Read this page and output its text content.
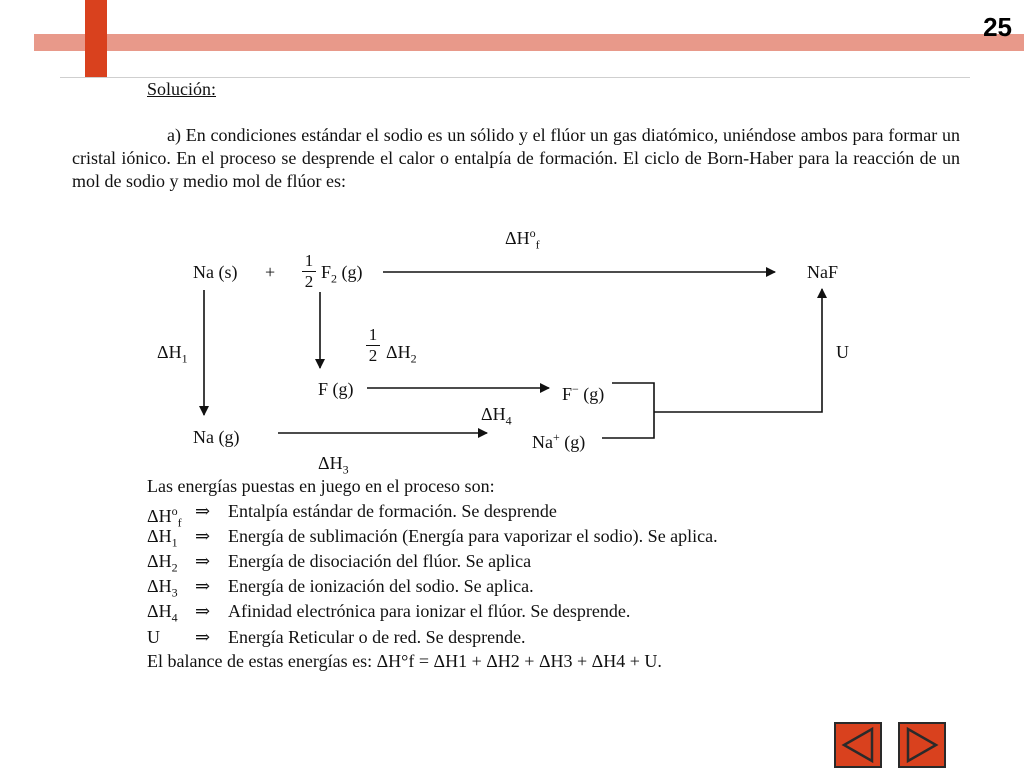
25
Solución:
a) En condiciones estándar el sodio es un sólido y el flúor un gas diatómico, uniéndose ambos para formar un cristal iónico. En el proceso se desprende el calor o entalpía de formación. El ciclo de Born-Haber para la reacción de un mol de sodio y medio mol de flúor es:
$\Delta H^o_f$
Na (s) +
1
2 $F_2$ (g)	NaF
$\Delta H_1$
1
2 $\Delta H_2$	U
F (g)	F− (g)
$\Delta H_4$
Na (g)	Na+ (g)
$\Delta H_3$
Las energías puestas en juego en el proceso son:
$\Delta H^o_f$
⇒ Entalpía estándar de formación. Se desprende
$\Delta H_1$ ⇒ Energía de sublimación (Energía para vaporizar el sodio). Se aplica.
$\Delta H_2$ ⇒ Energía de disociación del flúor. Se aplica
$\Delta H_3$ ⇒ Energía de ionización del sodio. Se aplica.
$\Delta H_4$ ⇒ Afinidad electrónica para ionizar el flúor. Se desprende.
U ⇒ Energía Reticular o de red. Se desprende.
El balance de estas energías es: ΔH°f = ΔH1 + ΔH2 + ΔH3 + ΔH4 + U.
